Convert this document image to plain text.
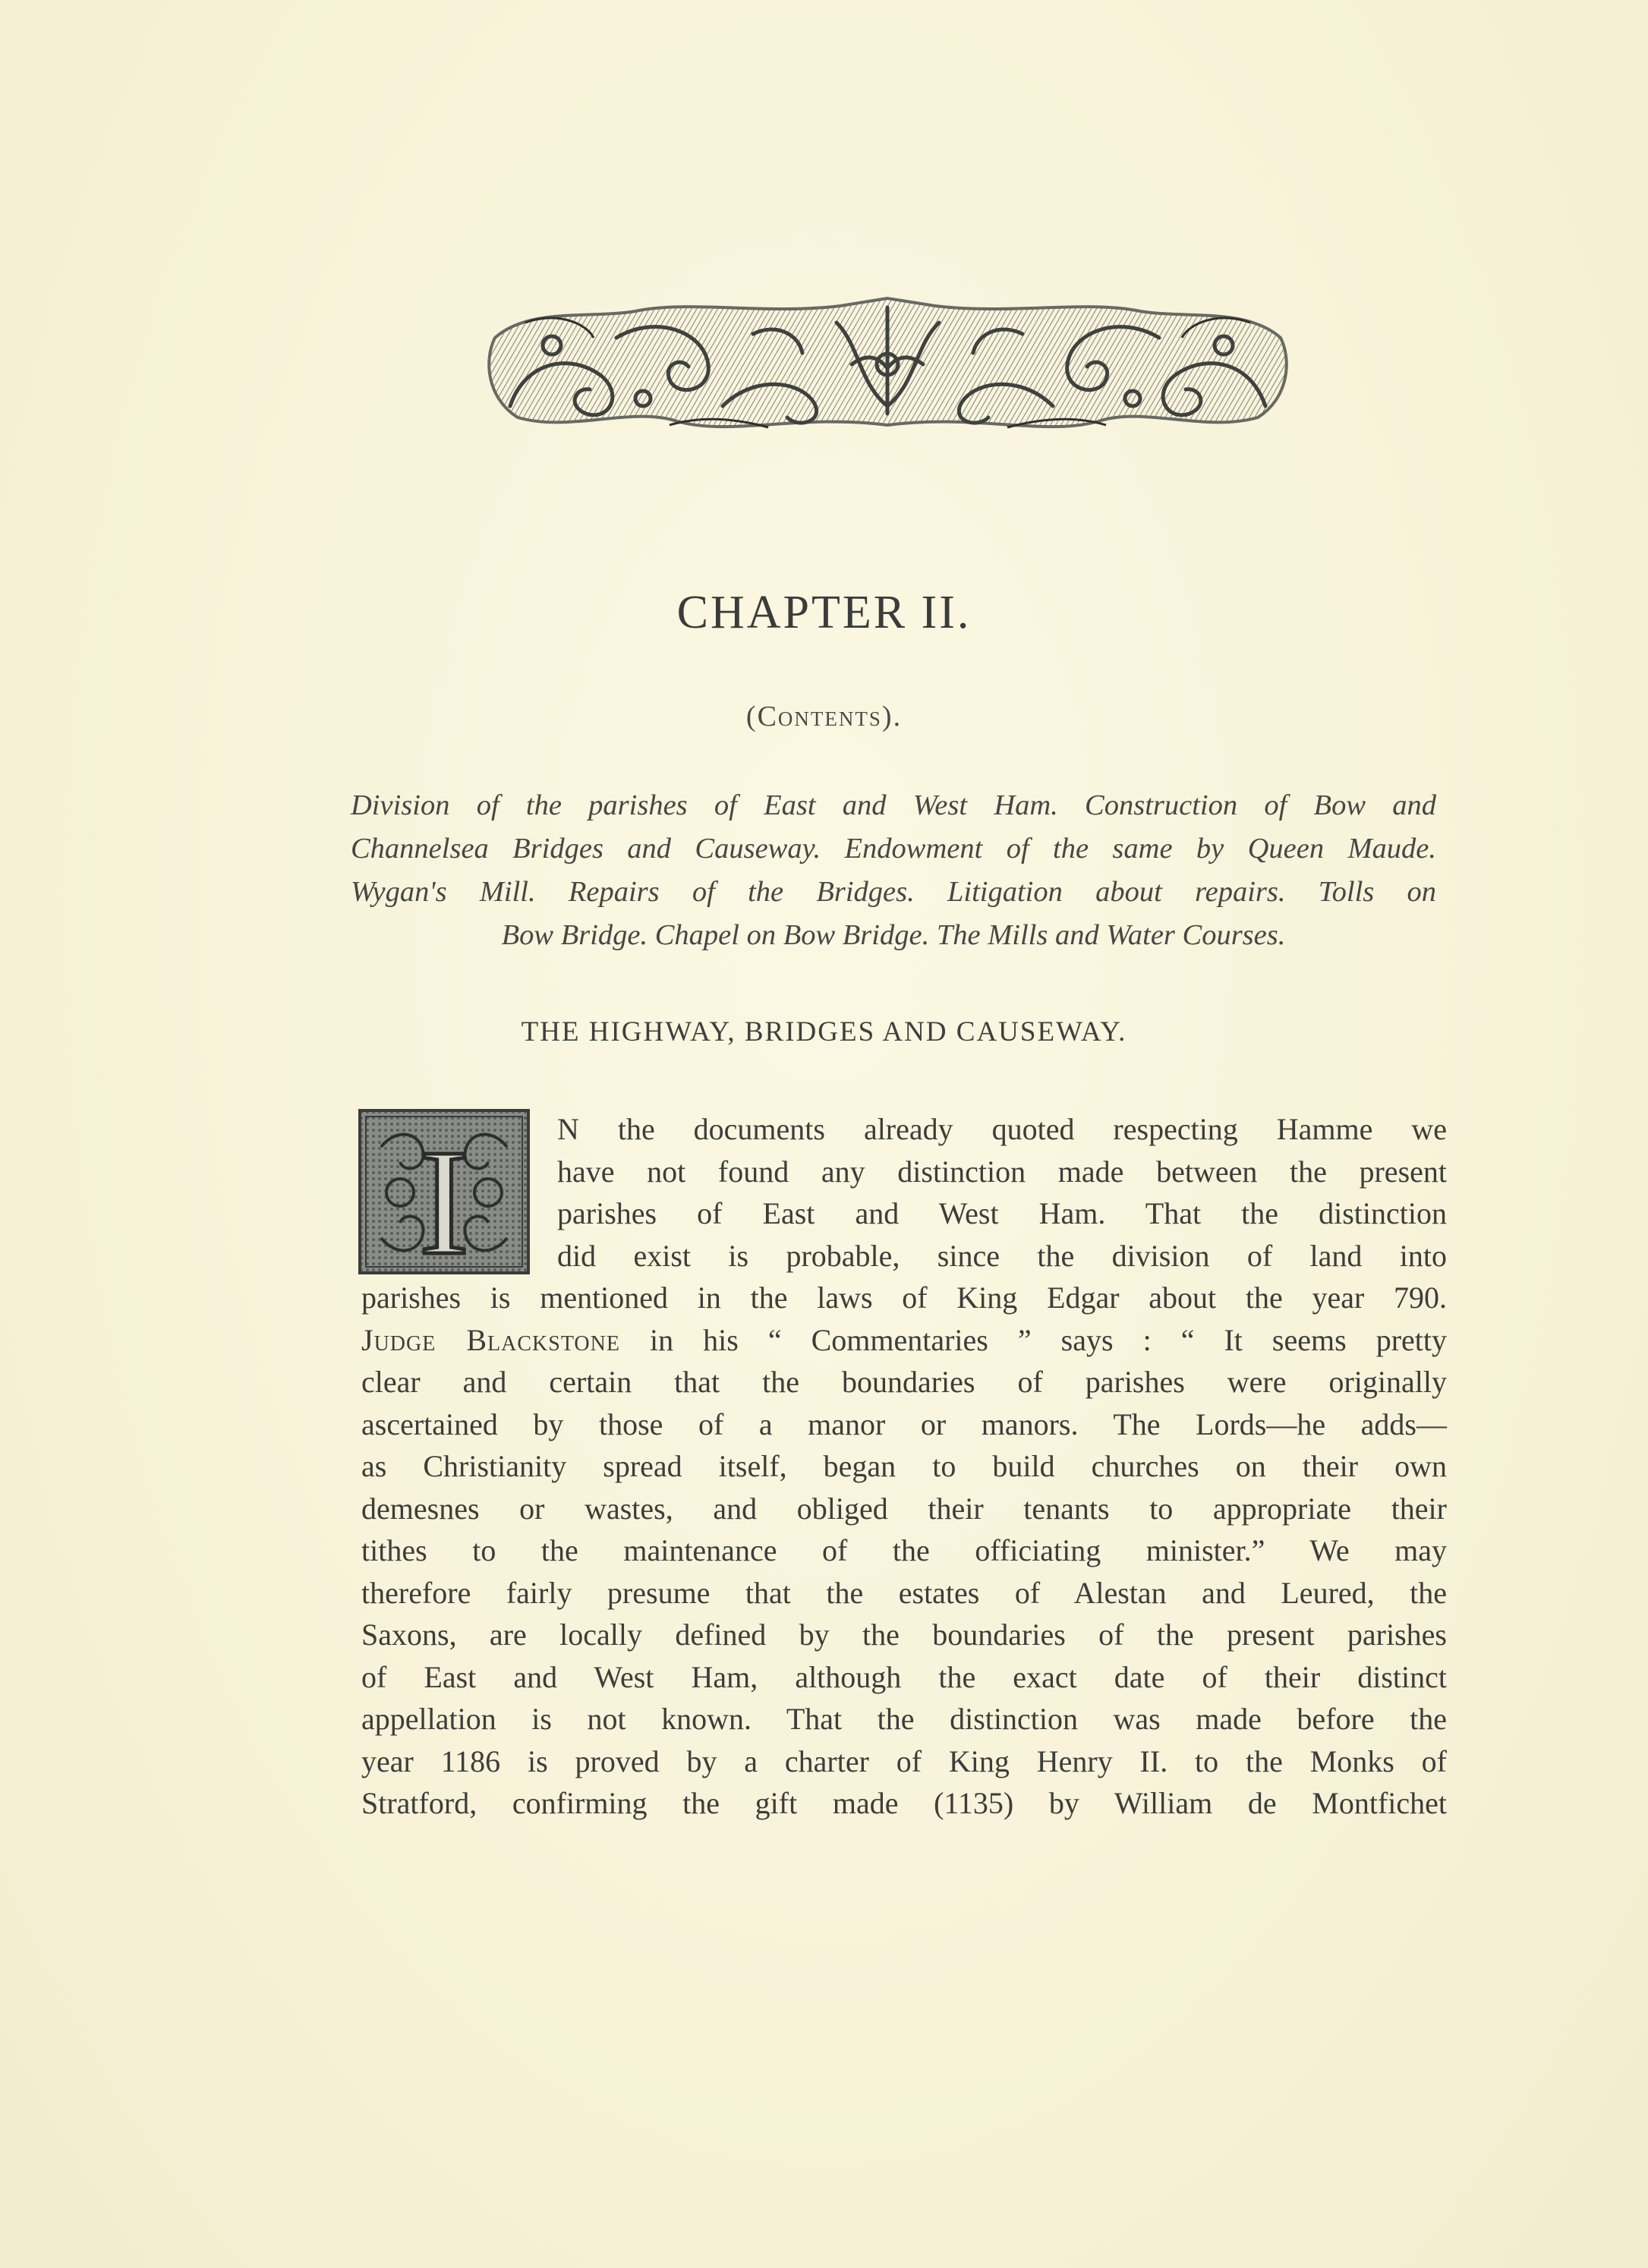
CHAPTER II.
(Contents).
Division of the parishes of East and West Ham. Construction of Bow and
Channelsea Bridges and Causeway. Endowment of the same by Queen Maude.
Wygan's Mill. Repairs of the Bridges. Litigation about repairs. Tolls on
Bow Bridge. Chapel on Bow Bridge. The Mills and Water Courses.
THE HIGHWAY, BRIDGES AND CAUSEWAY.
I	N the documents already quoted respecting Hamme we
have not found any distinction made between the present
parishes of East and West Ham. That the distinction
did exist is probable, since the division of land into
parishes is mentioned in the laws of King Edgar about the year 790.
Judge Blackstone in his “ Commentaries ” says : “ It seems pretty
clear and certain that the boundaries of parishes were originally
ascertained by those of a manor or manors. The Lords—he adds—
as Christianity spread itself, began to build churches on their own
demesnes or wastes, and obliged their tenants to appropriate their
tithes to the maintenance of the officiating minister.” We may
therefore fairly presume that the estates of Alestan and Leured, the
Saxons, are locally defined by the boundaries of the present parishes
of East and West Ham, although the exact date of their distinct
appellation is not known. That the distinction was made before the
year 1186 is proved by a charter of King Henry II. to the Monks of
Stratford, confirming the gift made (1135) by William de Montfichet
